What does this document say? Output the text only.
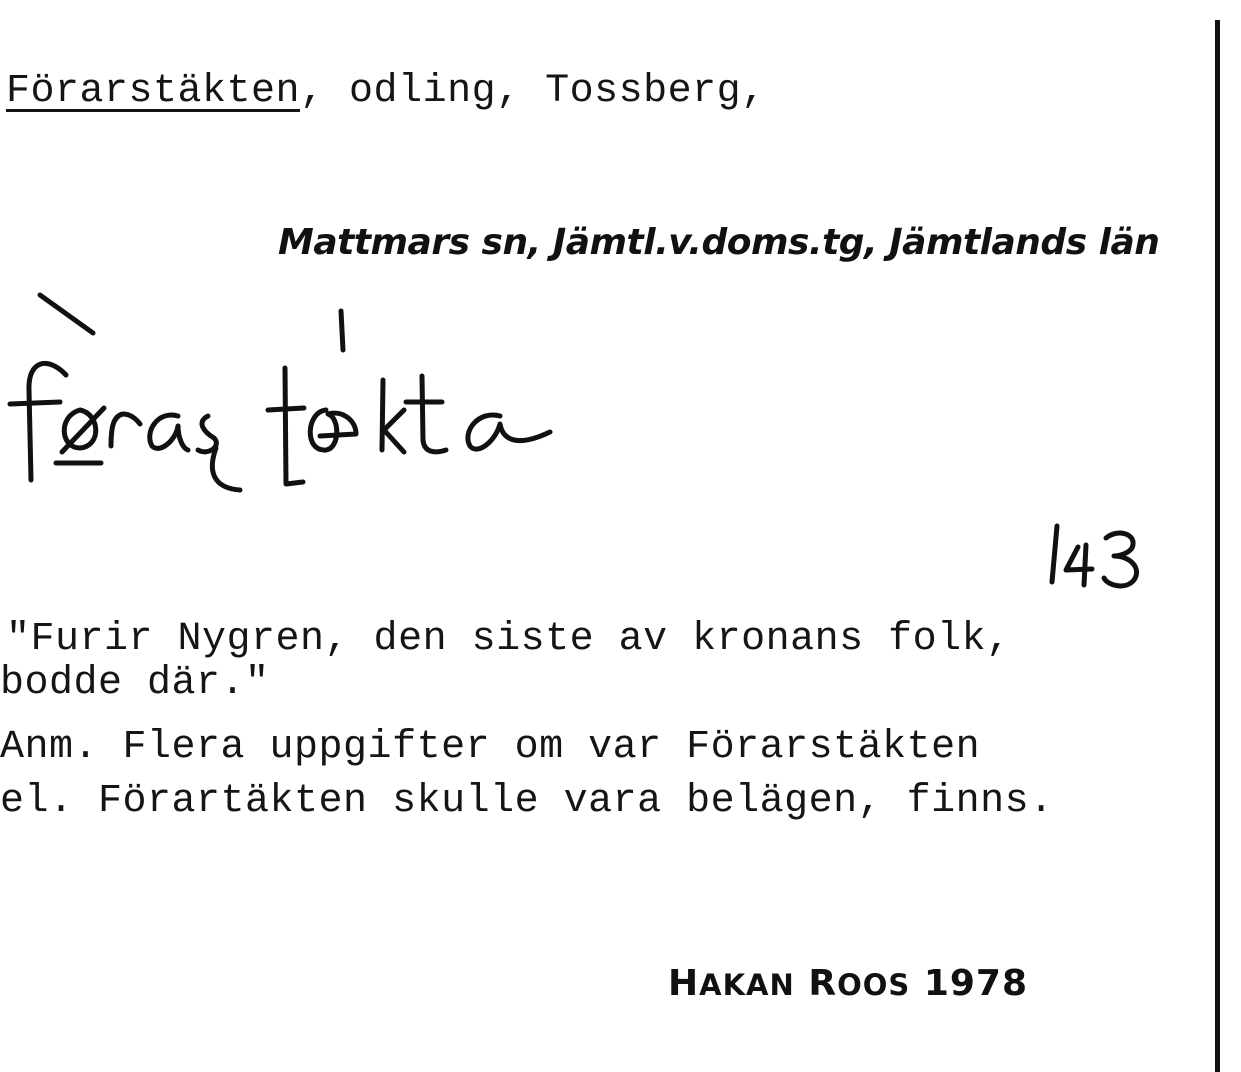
Förarstäkten, odling, Tossberg,
Mattmars sn, Jämtl.v.doms.tg, Jämtlands län
"Furir Nygren, den siste av kronans folk,
bodde där."
Anm. Flera uppgifter om var Förarstäkten
el. Förartäkten skulle vara belägen, finns.
HAKAN ROOS 1978
